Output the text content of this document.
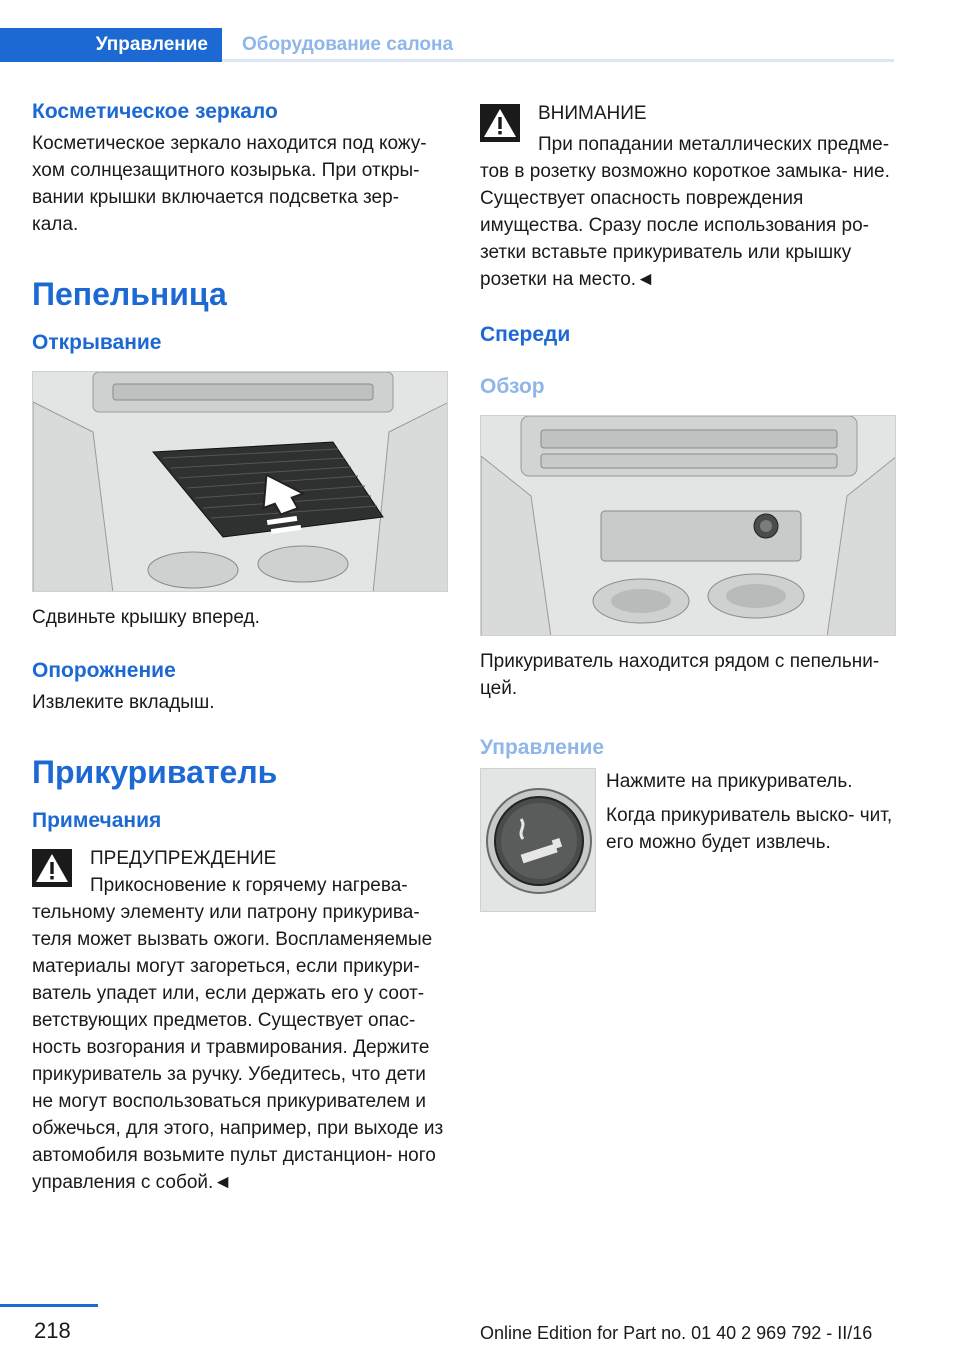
Управление	Оборудование салона
Косметическое зеркало

Косметическое зеркало находится под кожу- хом солнцезащитного козырька. При откры- вании крышки включается подсветка зер- кала.

Пепельница
Открывание

Сдвиньте крышку вперед.

Опорожнение

Извлеките вкладыш.

Прикуриватель
Примечания

ПРЕДУПРЕЖДЕНИЕ

Прикосновение к горячему нагрева- тельному элементу или патрону прикурива- теля может вызвать ожоги. Воспламеняемые материалы могут загореться, если прикури- ватель упадет или, если держать его у соот- ветствующих предметов. Существует опас- ность возгорания и травмирования. Держите прикуриватель за ручку. Убедитесь, что дети не могут воспользоваться прикуривателем и обжечься, для этого, например, при выходе из автомобиля возьмите пульт дистанцион- ного управления с собой.◄

ВНИМАНИЕ

При попадании металлических предме- тов в розетку возможно короткое замыка- ние. Существует опасность повреждения имущества. Сразу после использования ро- зетки вставьте прикуриватель или крышку розетки на место.◄

Спереди
Обзор

Прикуриватель находится рядом с пепельни- цей.

Управление

Нажмите на прикуриватель.

Когда прикуриватель выско- чит, его можно будет извлечь.

218	Online Edition for Part no. 01 40 2 969 792 - II/16
